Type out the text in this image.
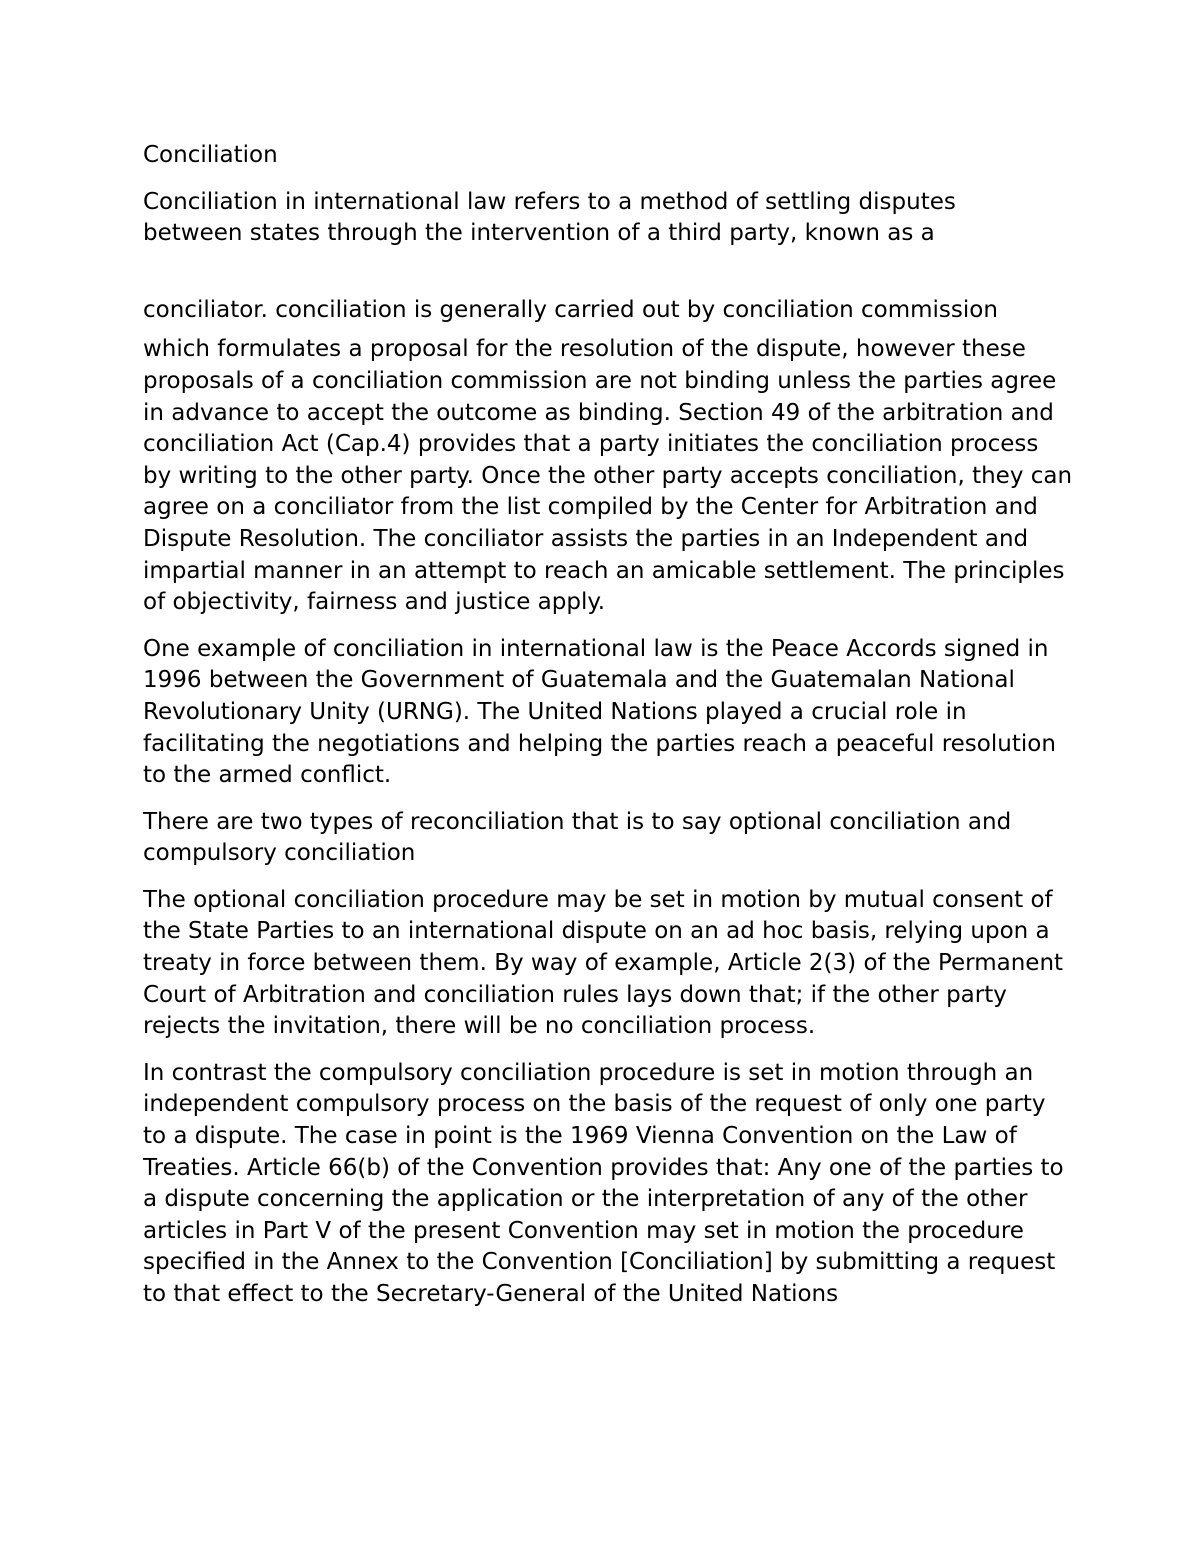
Conciliation

Conciliation in international law refers to a method of settling disputes

between states through the intervention of a third party, known as a

conciliator. conciliation is generally carried out by conciliation commission

which formulates a proposal for the resolution of the dispute, however these proposals of a conciliation commission are not binding unless the parties agree in advance to accept the outcome as binding. Section 49 of the arbitration and conciliation Act (Cap.4) provides that a party initiates the conciliation process by writing to the other party. Once the other party accepts conciliation, they can agree on a conciliator from the list compiled by the Center for Arbitration and Dispute Resolution. The conciliator assists the parties in an Independent and impartial manner in an attempt to reach an amicable settlement. The principles of objectivity, fairness and justice apply.

One example of conciliation in international law is the Peace Accords signed in 1996 between the Government of Guatemala and the Guatemalan National Revolutionary Unity (URNG). The United Nations played a crucial role in facilitating the negotiations and helping the parties reach a peaceful resolution to the armed conflict.

There are two types of reconciliation that is to say optional conciliation and compulsory conciliation

The optional conciliation procedure may be set in motion by mutual consent of the State Parties to an international dispute on an ad hoc basis, relying upon a treaty in force between them. By way of example, Article 2(3) of the Permanent Court of Arbitration and conciliation rules lays down that; if the other party rejects the invitation, there will be no conciliation process.

In contrast the compulsory conciliation procedure is set in motion through an independent compulsory process on the basis of the request of only one party to a dispute. The case in point is the 1969 Vienna Convention on the Law of Treaties. Article 66(b) of the Convention provides that: Any one of the parties to a dispute concerning the application or the interpretation of any of the other articles in Part V of the present Convention may set in motion the procedure specified in the Annex to the Convention [Conciliation] by submitting a request to that effect to the Secretary-General of the United Nations
